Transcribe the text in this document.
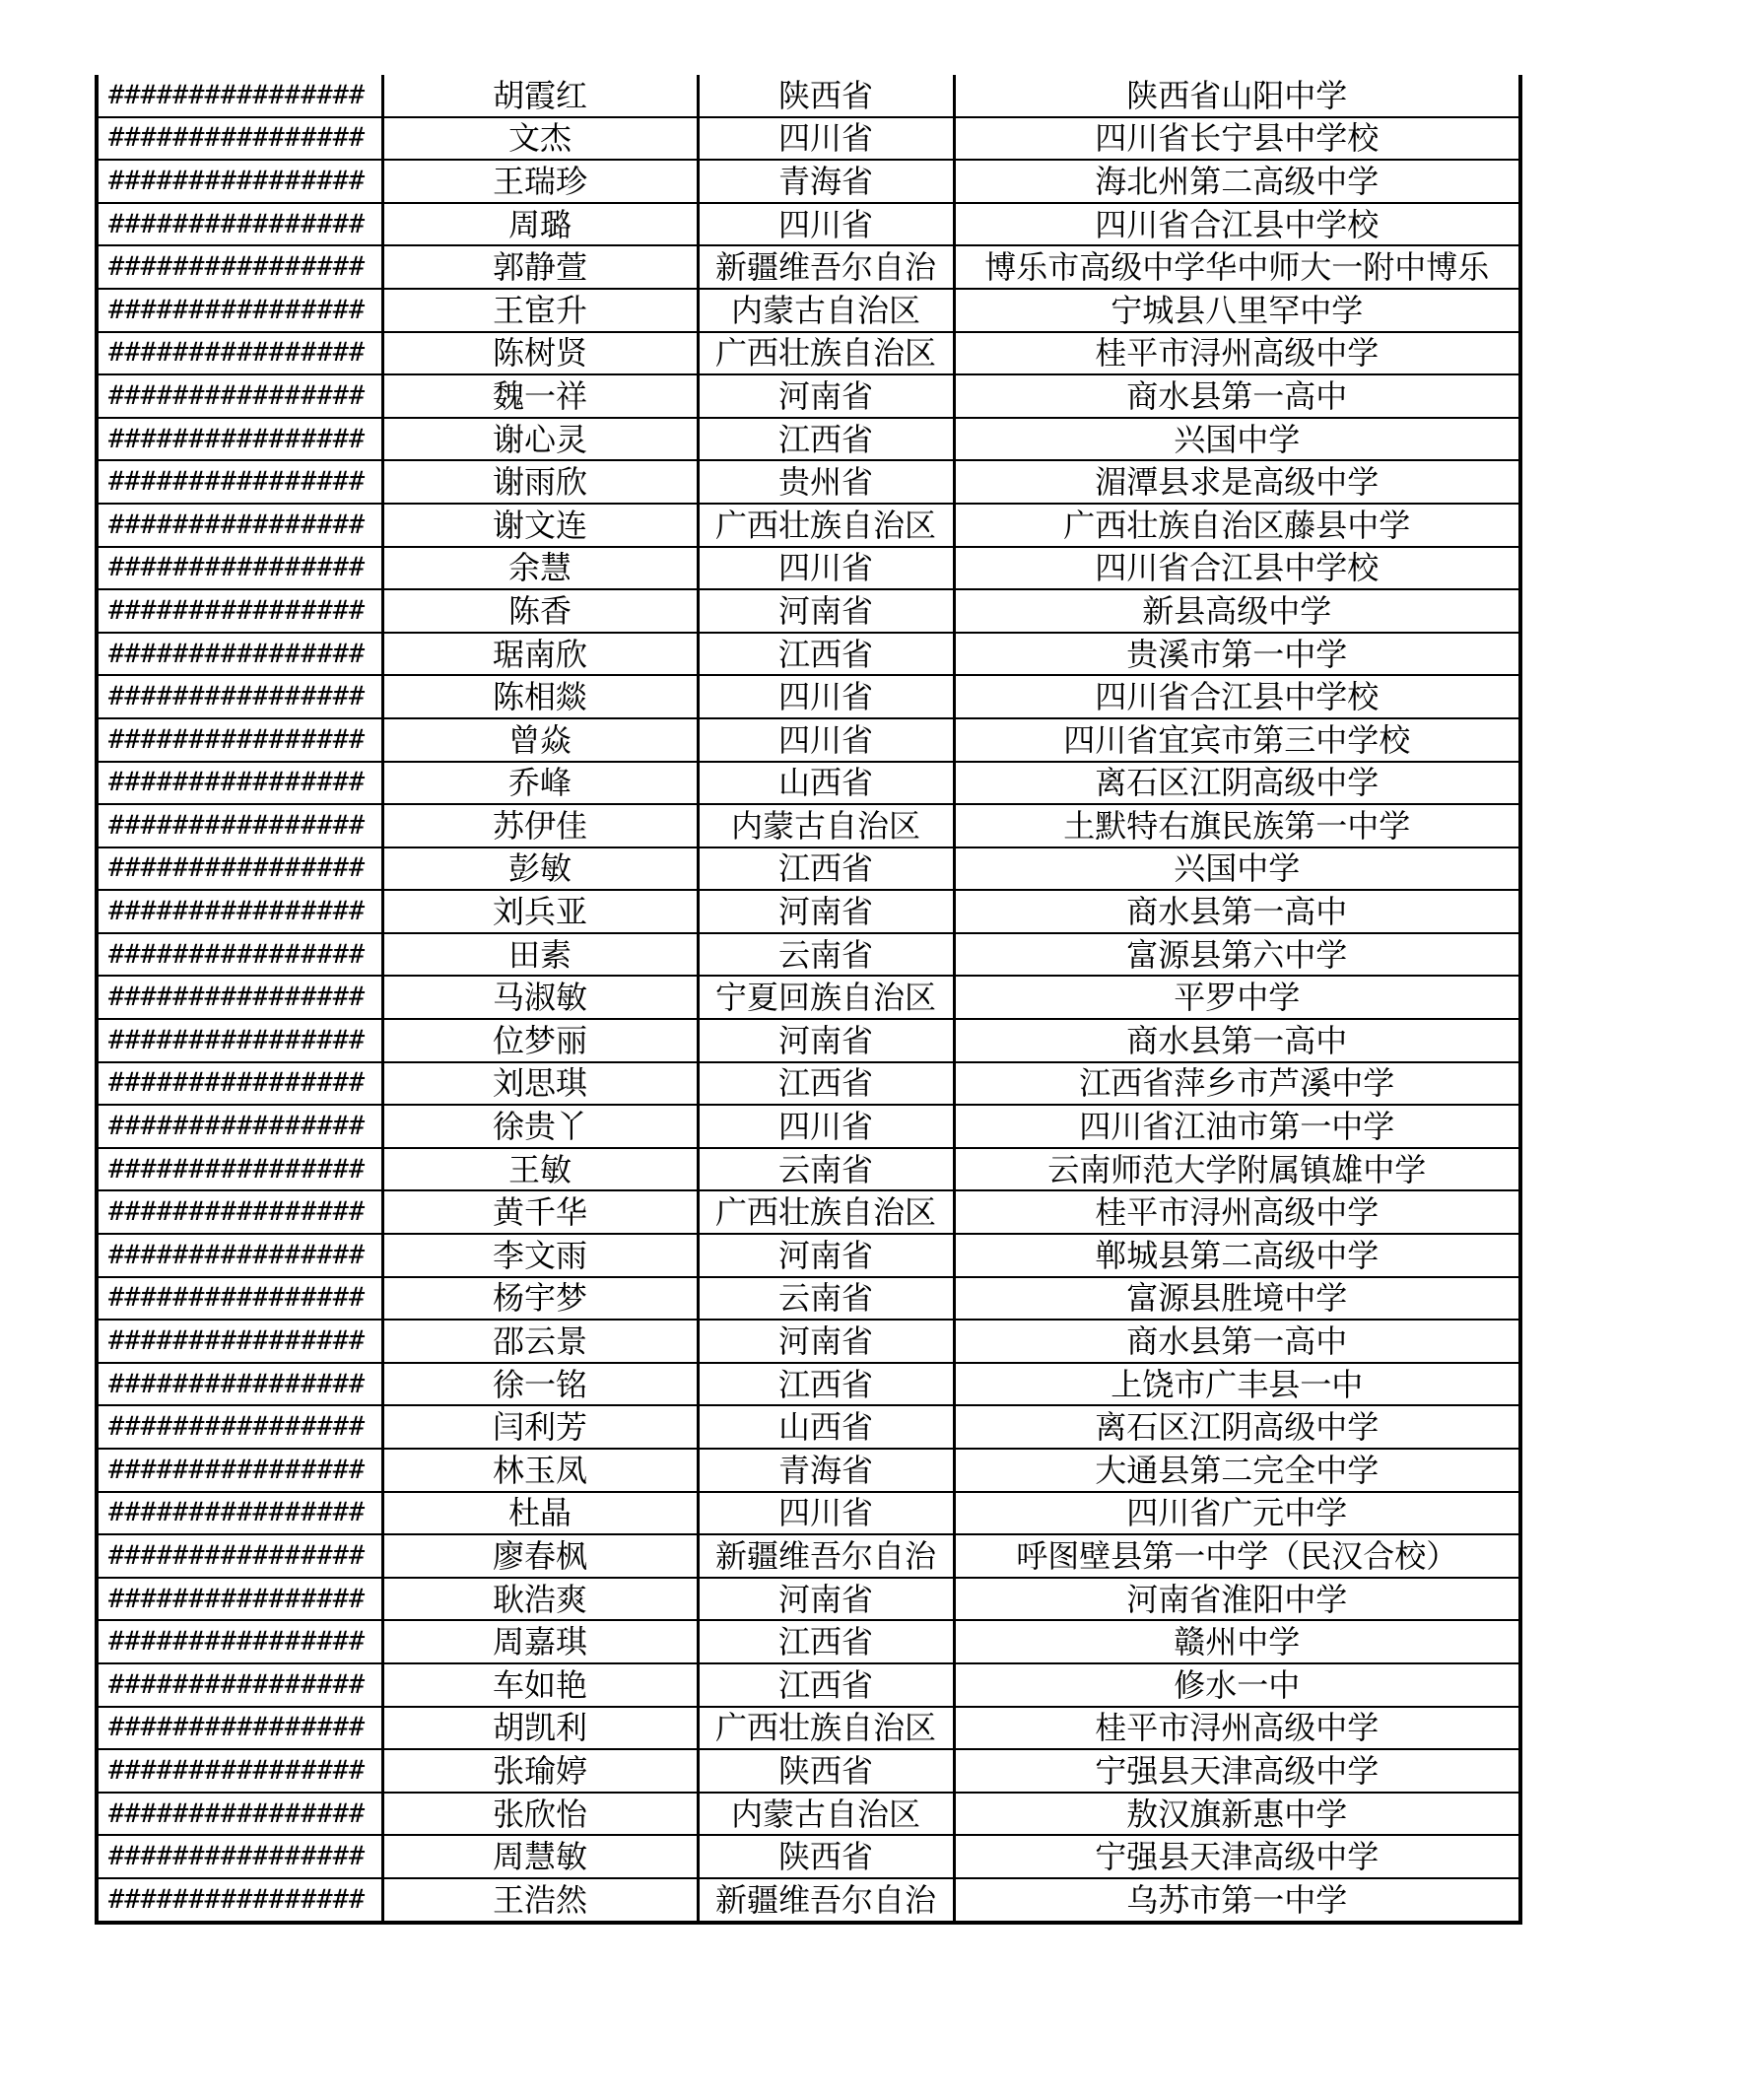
################	胡霞红	陕西省	陕西省山阳中学
################	文杰	四川省	四川省长宁县中学校
################	王瑞珍	青海省	海北州第二高级中学
################	周璐	四川省	四川省合江县中学校
################	郭静萱	新疆维吾尔自治	博乐市高级中学华中师大一附中博乐
################	王宦升	内蒙古自治区	宁城县八里罕中学
################	陈树贤	广西壮族自治区	桂平市浔州高级中学
################	魏一祥	河南省	商水县第一高中
################	谢心灵	江西省	兴国中学
################	谢雨欣	贵州省	湄潭县求是高级中学
################	谢文连	广西壮族自治区	广西壮族自治区藤县中学
################	余慧	四川省	四川省合江县中学校
################	陈香	河南省	新县高级中学
################	琚南欣	江西省	贵溪市第一中学
################	陈相燚	四川省	四川省合江县中学校
################	曾焱	四川省	四川省宜宾市第三中学校
################	乔峰	山西省	离石区江阴高级中学
################	苏伊佳	内蒙古自治区	土默特右旗民族第一中学
################	彭敏	江西省	兴国中学
################	刘兵亚	河南省	商水县第一高中
################	田素	云南省	富源县第六中学
################	马淑敏	宁夏回族自治区	平罗中学
################	位梦丽	河南省	商水县第一高中
################	刘思琪	江西省	江西省萍乡市芦溪中学
################	徐贵丫	四川省	四川省江油市第一中学
################	王敏	云南省	云南师范大学附属镇雄中学
################	黄千华	广西壮族自治区	桂平市浔州高级中学
################	李文雨	河南省	郸城县第二高级中学
################	杨宇梦	云南省	富源县胜境中学
################	邵云景	河南省	商水县第一高中
################	徐一铭	江西省	上饶市广丰县一中
################	闫利芳	山西省	离石区江阴高级中学
################	林玉凤	青海省	大通县第二完全中学
################	杜晶	四川省	四川省广元中学
################	廖春枫	新疆维吾尔自治	呼图壁县第一中学（民汉合校）
################	耿浩爽	河南省	河南省淮阳中学
################	周嘉琪	江西省	赣州中学
################	车如艳	江西省	修水一中
################	胡凯利	广西壮族自治区	桂平市浔州高级中学
################	张瑜婷	陕西省	宁强县天津高级中学
################	张欣怡	内蒙古自治区	敖汉旗新惠中学
################	周慧敏	陕西省	宁强县天津高级中学
################	王浩然	新疆维吾尔自治	乌苏市第一中学
